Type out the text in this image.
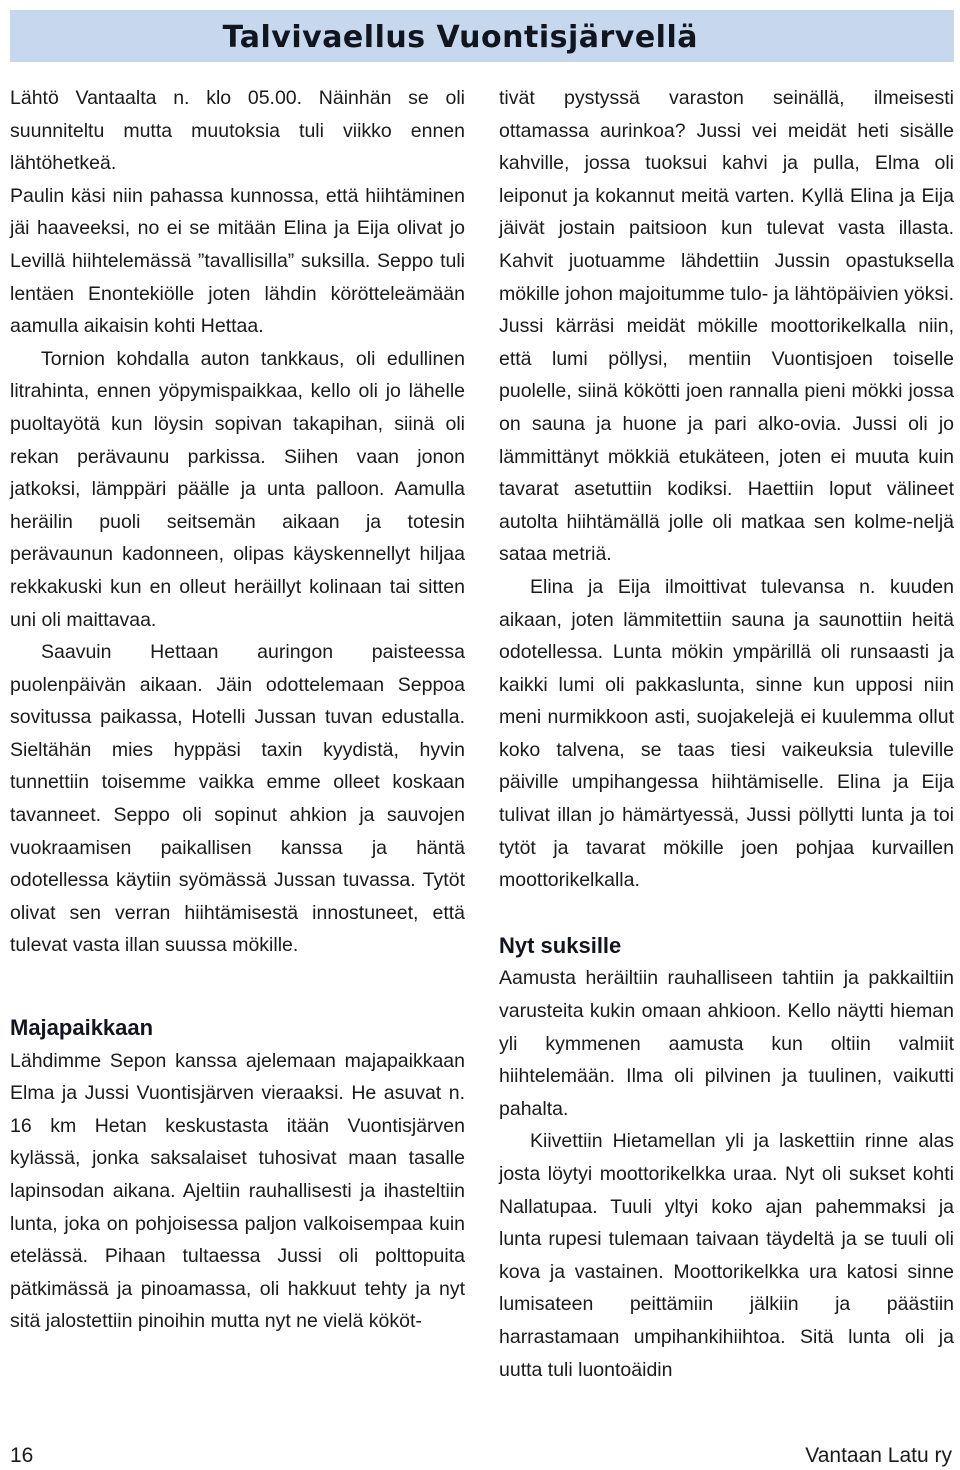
Talvivaellus Vuontisjärvellä

Lähtö Vantaalta n. klo 05.00. Näinhän se oli suunniteltu mutta muutoksia tuli viikko ennen lähtöhetkeä.

Paulin käsi niin pahassa kunnossa, että hiihtäminen jäi haaveeksi, no ei se mitään Elina ja Eija olivat jo Levillä hiihtelemässä ”tavallisilla” suksilla. Seppo tuli lentäen Enontekiölle joten lähdin körötteleämään aamulla aikaisin kohti Hettaa.

Tornion kohdalla auton tankkaus, oli edullinen litrahinta, ennen yöpymispaikkaa, kello oli jo lähelle puoltayötä kun löysin sopivan takapihan, siinä oli rekan perävaunu parkissa. Siihen vaan jonon jatkoksi, lämppäri päälle ja unta palloon. Aamulla heräilin puoli seitsemän aikaan ja totesin perävaunun kadonneen, olipas käyskennellyt hiljaa rekkakuski kun en olleut heräillyt kolinaan tai sitten uni oli maittavaa.

Saavuin Hettaan auringon paisteessa puolenpäivän aikaan. Jäin odottelemaan Seppoa sovitussa paikassa, Hotelli Jussan tuvan edustalla. Sieltähän mies hyppäsi taxin kyydistä, hyvin tunnettiin toisemme vaikka emme olleet koskaan tavanneet. Seppo oli sopinut ahkion ja sauvojen vuokraamisen paikallisen kanssa ja häntä odotellessa käytiin syömässä Jussan tuvassa. Tytöt olivat sen verran hiihtämisestä innostuneet, että tulevat vasta illan suussa mökille.

Majapaikkaan

Lähdimme Sepon kanssa ajelemaan majapaikkaan Elma ja Jussi Vuontisjärven vieraaksi. He asuvat n. 16 km Hetan keskustasta itään Vuontisjärven kylässä, jonka saksalaiset tuhosivat maan tasalle lapinsodan aikana. Ajeltiin rauhallisesti ja ihasteltiin lunta, joka on pohjoisessa paljon valkoisempaa kuin etelässä. Pihaan tultaessa Jussi oli polttopuita pätkimässä ja pinoamassa, oli hakkuut tehty ja nyt sitä jalostettiin pinoihin mutta nyt ne vielä kököt-

tivät pystyssä varaston seinällä, ilmeisesti ottamassa aurinkoa? Jussi vei meidät heti sisälle kahville, jossa tuoksui kahvi ja pulla, Elma oli leiponut ja kokannut meitä varten. Kyllä Elina ja Eija jäivät jostain paitsioon kun tulevat vasta illasta. Kahvit juotuamme lähdettiin Jussin opastuksella mökille johon majoitumme tulo- ja lähtöpäivien yöksi. Jussi kärräsi meidät mökille moottorikelkalla niin, että lumi pöllysi, mentiin Vuontisjoen toiselle puolelle, siinä kökötti joen rannalla pieni mökki jossa on sauna ja huone ja pari alko-ovia. Jussi oli jo lämmittänyt mökkiä etukäteen, joten ei muuta kuin tavarat asetuttiin kodiksi. Haettiin loput välineet autolta hiihtämällä jolle oli matkaa sen kolme-neljä sataa metriä.

Elina ja Eija ilmoittivat tulevansa n. kuuden aikaan, joten lämmitettiin sauna ja saunottiin heitä odotellessa. Lunta mökin ympärillä oli runsaasti ja kaikki lumi oli pakkaslunta, sinne kun upposi niin meni nurmikkoon asti, suojakelejä ei kuulemma ollut koko talvena, se taas tiesi vaikeuksia tuleville päiville umpihangessa hiihtämiselle. Elina ja Eija tulivat illan jo hämärtyessä, Jussi pöllytti lunta ja toi tytöt ja tavarat mökille joen pohjaa kurvaillen moottorikelkalla.

Nyt suksille

Aamusta heräiltiin rauhalliseen tahtiin ja pakkailtiin varusteita kukin omaan ahkioon. Kello näytti hieman yli kymmenen aamusta kun oltiin valmiit hiihtelemään. Ilma oli pilvinen ja tuulinen, vaikutti pahalta.

Kiivettiin Hietamellan yli ja laskettiin rinne alas josta löytyi moottorikelkka uraa. Nyt oli sukset kohti Nallatupaa. Tuuli yltyi koko ajan pahemmaksi ja lunta rupesi tulemaan taivaan täydeltä ja se tuuli oli kova ja vastainen. Moottorikelkka ura katosi sinne lumisateen peittämiin jälkiin ja päästiin harrastamaan umpihankihiihtoa. Sitä lunta oli ja uutta tuli luontoäidin

16	Vantaan Latu ry
